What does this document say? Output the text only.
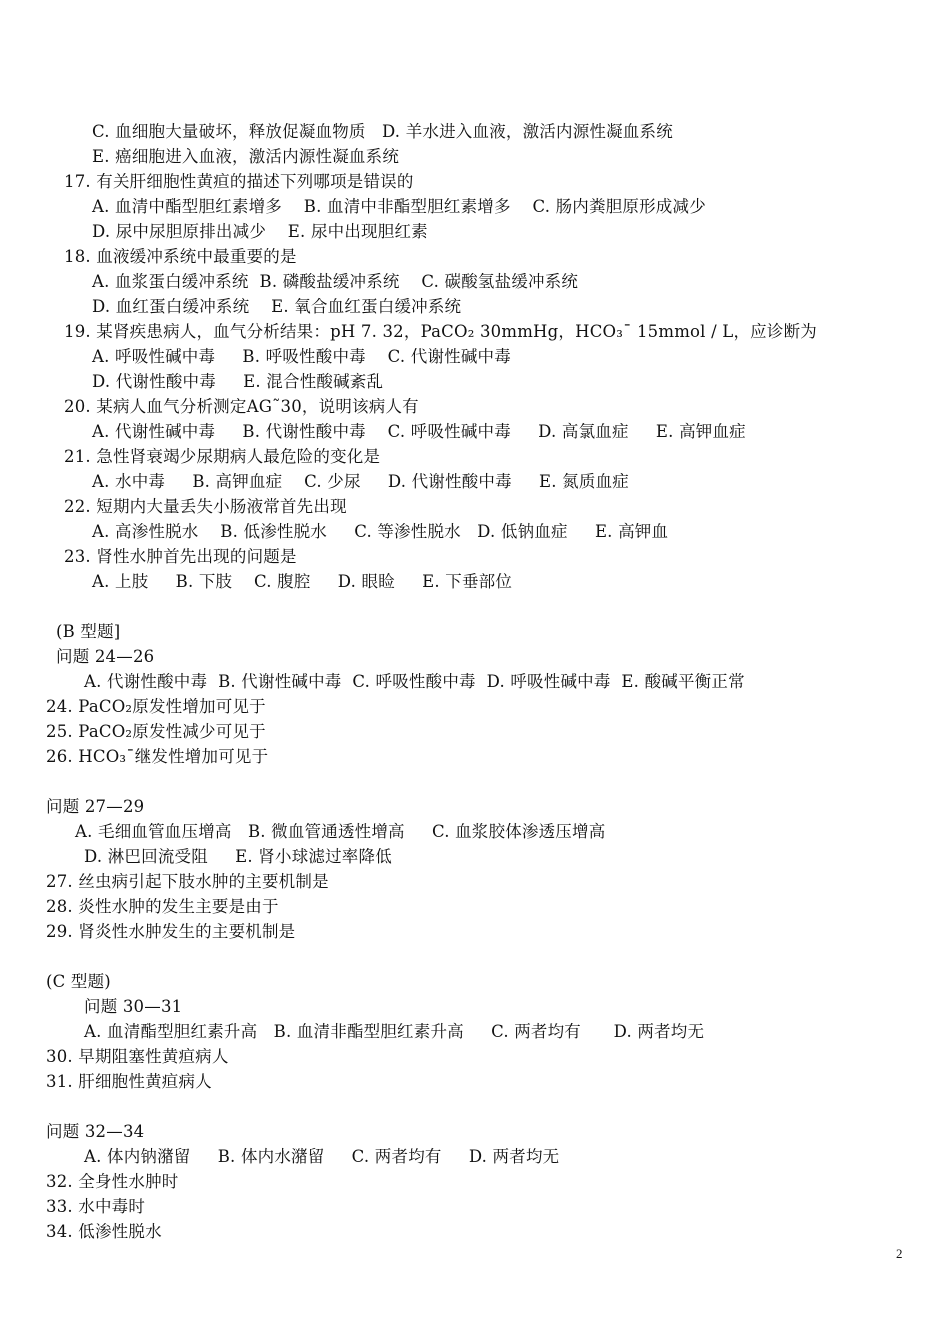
C. 血细胞大量破坏，释放促凝血物质   D. 羊水进入血液，激活内源性凝血系统
E. 癌细胞进入血液，激活内源性凝血系统
17. 有关肝细胞性黄疸的描述下列哪项是错误的
A. 血清中酯型胆红素增多    B. 血清中非酯型胆红素增多    C. 肠内粪胆原形成减少
D. 尿中尿胆原排出减少    E. 尿中出现胆红素
18. 血液缓冲系统中最重要的是
A. 血浆蛋白缓冲系统  B. 磷酸盐缓冲系统    C. 碳酸氢盐缓冲系统
D. 血红蛋白缓冲系统    E. 氧合血红蛋白缓冲系统
19. 某肾疾患病人，血气分析结果：pH 7. 32，PaCO₂ 30mmHg，HCO₃¯ 15mmol / L，应诊断为
A. 呼吸性碱中毒     B. 呼吸性酸中毒    C. 代谢性碱中毒
D. 代谢性酸中毒     E. 混合性酸碱紊乱
20. 某病人血气分析测定AG˜30，说明该病人有
A. 代谢性碱中毒     B. 代谢性酸中毒    C. 呼吸性碱中毒     D. 高氯血症     E. 高钾血症
21. 急性肾衰竭少尿期病人最危险的变化是
A. 水中毒     B. 高钾血症    C. 少尿     D. 代谢性酸中毒     E. 氮质血症
22. 短期内大量丢失小肠液常首先出现
A. 高渗性脱水    B. 低渗性脱水     C. 等渗性脱水   D. 低钠血症     E. 高钾血
23. 肾性水肿首先出现的问题是
A. 上肢     B. 下肢    C. 腹腔     D. 眼睑     E. 下垂部位
(B 型题]
问题 24—26
A. 代谢性酸中毒  B. 代谢性碱中毒  C. 呼吸性酸中毒  D. 呼吸性碱中毒  E. 酸碱平衡正常
24. PaCO₂原发性增加可见于
25. PaCO₂原发性减少可见于
26. HCO₃¯继发性增加可见于
问题 27—29
A. 毛细血管血压增高   B. 微血管通透性增高     C. 血浆胶体渗透压增高
D. 淋巴回流受阻     E. 肾小球滤过率降低
27. 丝虫病引起下肢水肿的主要机制是
28. 炎性水肿的发生主要是由于
29. 肾炎性水肿发生的主要机制是
(C 型题)
问题 30—31
A. 血清酯型胆红素升高   B. 血清非酯型胆红素升高     C. 两者均有      D. 两者均无
30. 早期阻塞性黄疸病人
31. 肝细胞性黄疸病人
问题 32—34
A. 体内钠潴留     B. 体内水潴留     C. 两者均有     D. 两者均无
32. 全身性水肿时
33. 水中毒时
34. 低渗性脱水
2
